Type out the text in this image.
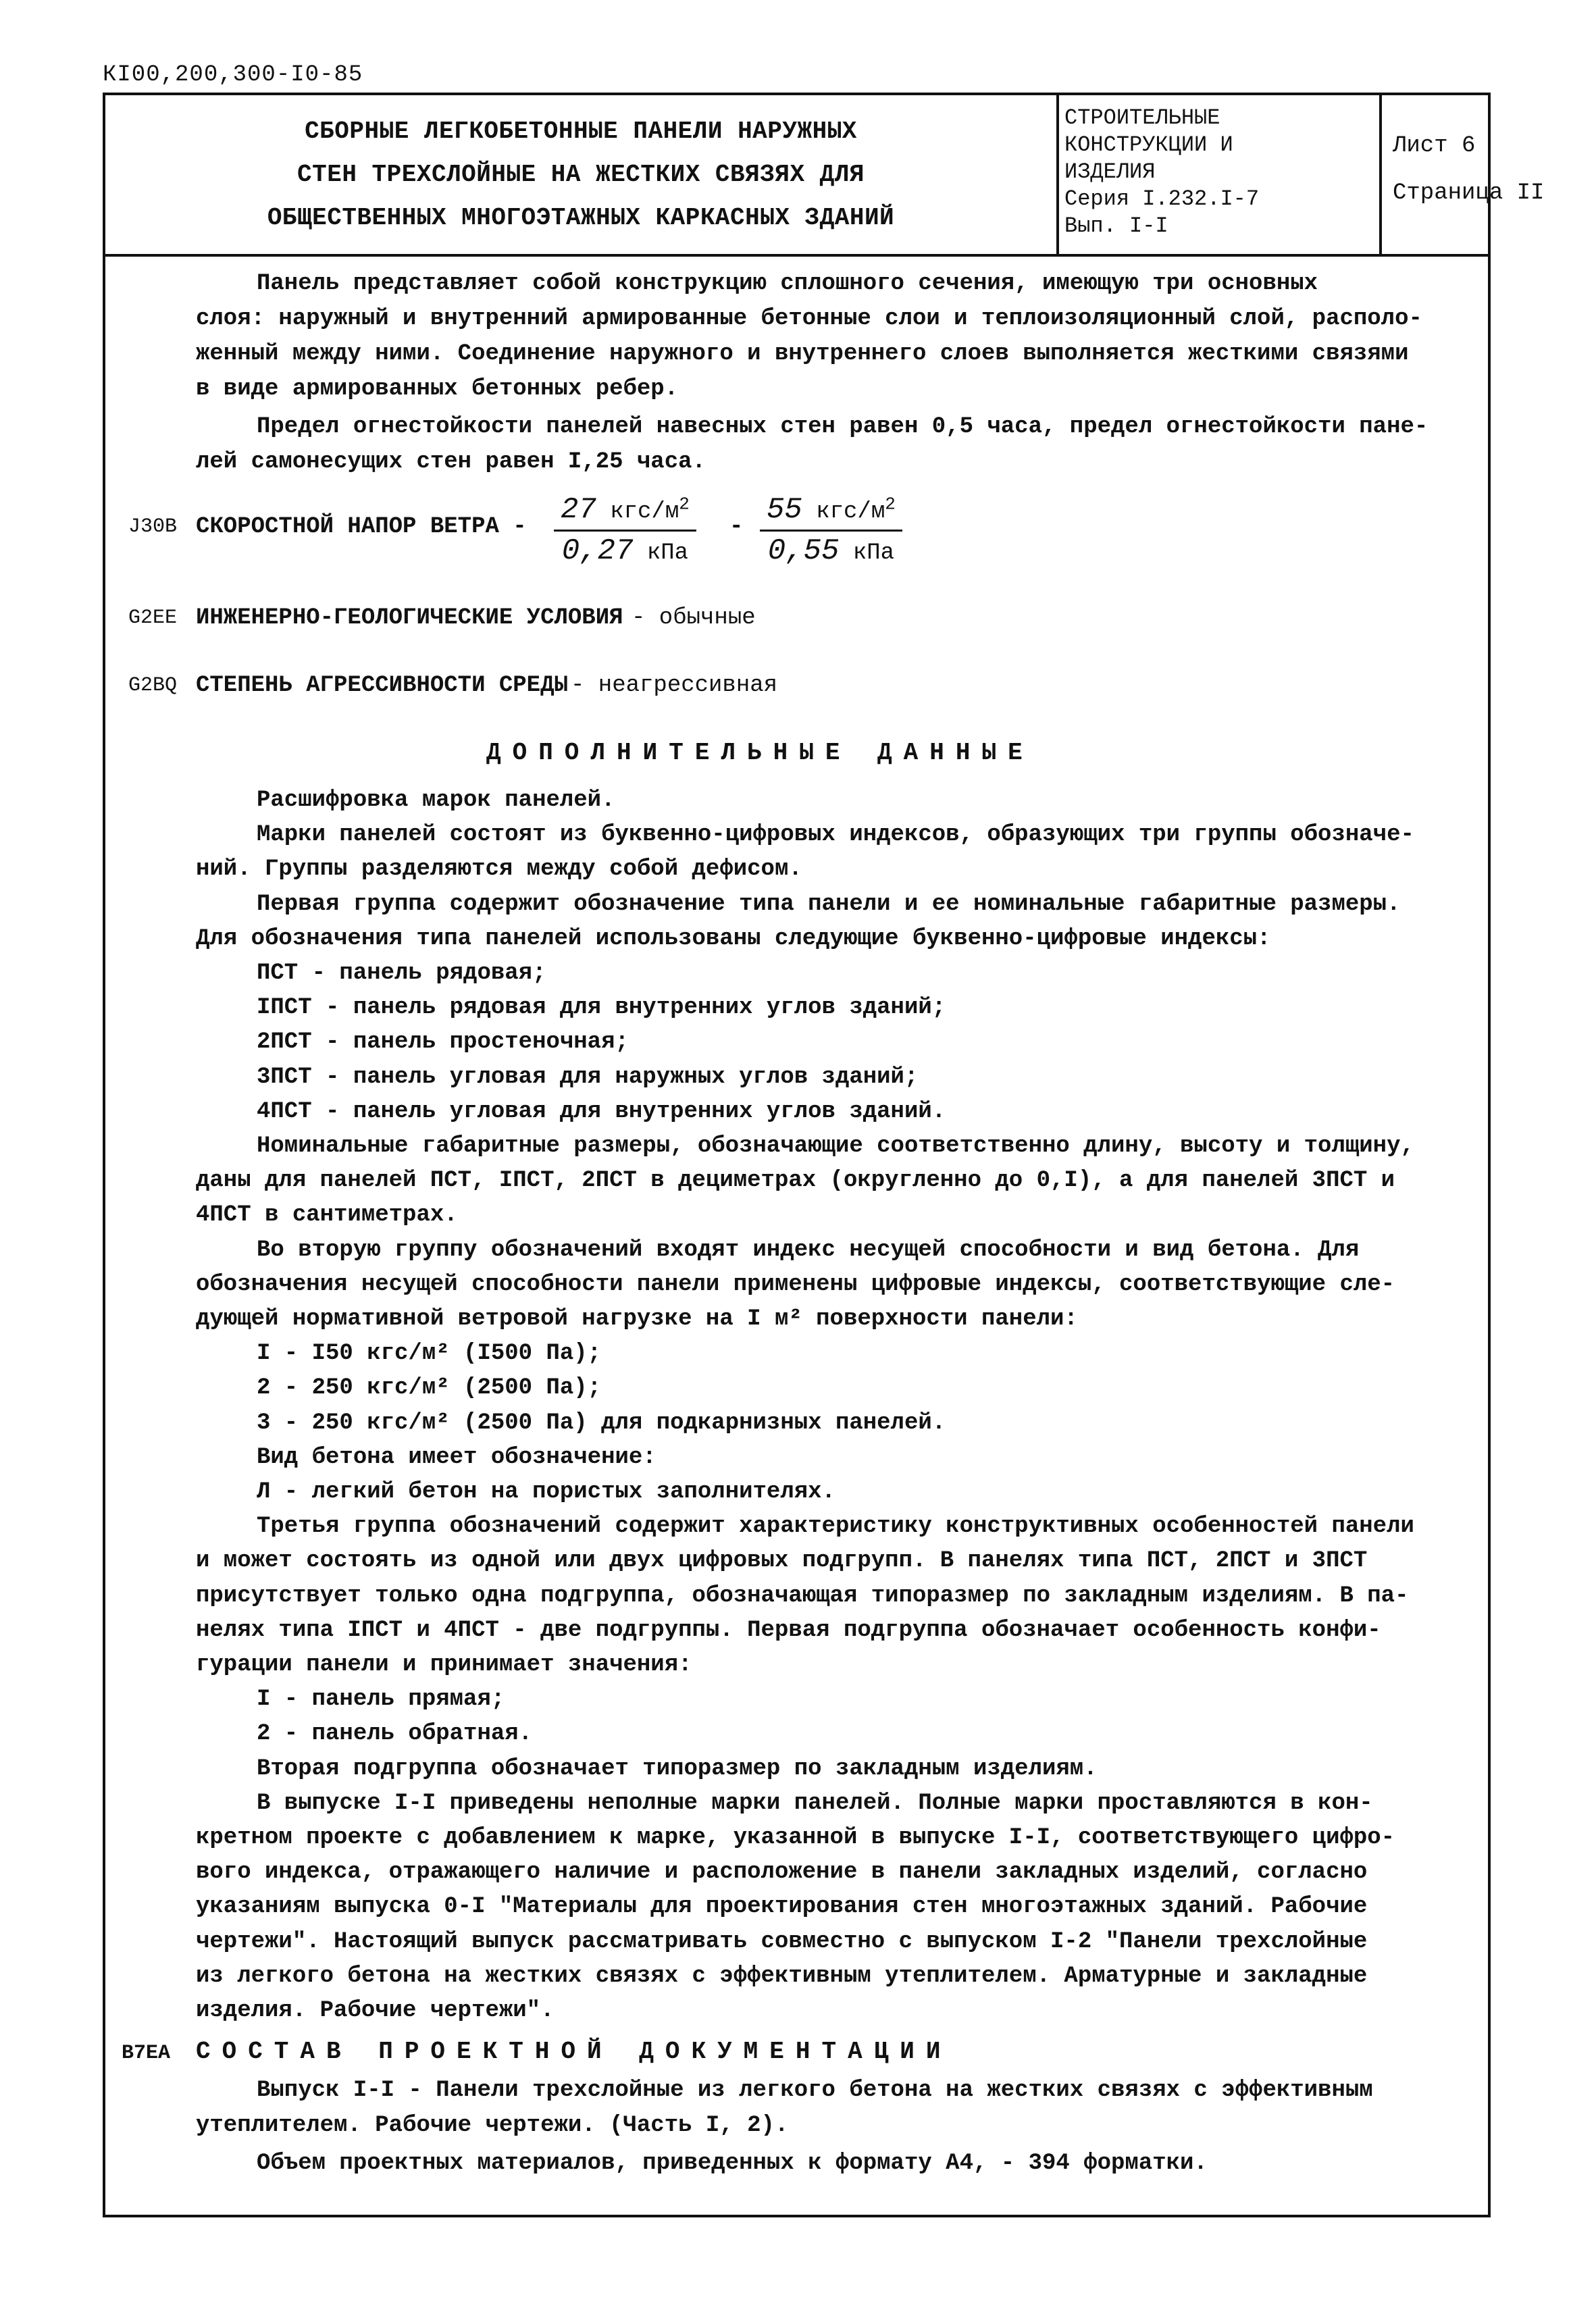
КI00,200,300-I0-85
СБОРНЫЕ ЛЕГКОБЕТОННЫЕ ПАНЕЛИ НАРУЖНЫХ
СТЕН ТРЕХСЛОЙНЫЕ НА ЖЕСТКИХ СВЯЗЯХ ДЛЯ
ОБЩЕСТВЕННЫХ МНОГОЭТАЖНЫХ КАРКАСНЫХ ЗДАНИЙ
СТРОИТЕЛЬНЫЕ
КОНСТРУКЦИИ И
ИЗДЕЛИЯ
Серия I.232.I-7
Вып. I-I
Лист 6
Страница II
Панель представляет собой конструкцию сплошного сечения, имеющую три основных
слоя: наружный и внутренний армированные бетонные слои и теплоизоляционный слой, располо-
женный между ними. Соединение наружного и внутреннего слоев выполняется жесткими связями
в виде армированных бетонных ребер.
Предел огнестойкости панелей навесных стен равен 0,5 часа, предел огнестойкости пане-
лей самонесущих стен равен I,25 часа.
J30B СКОРОСТНОЙ НАПОР ВЕТРА - 27 кгс/$м^2$
0,27 кПа
- 55 кгс/$м^2$
0,55 кПа
G2ЕЕ ИНЖЕНЕРНО-ГЕОЛОГИЧЕСКИЕ УСЛОВИЯ - обычные
G2BQ СТЕПЕНЬ АГРЕССИВНОСТИ СРЕДЫ - неагрессивная
ДОПОЛНИТЕЛЬНЫЕ ДАННЫЕ
Расшифровка марок панелей.
Марки панелей состоят из буквенно-цифровых индексов, образующих три группы обозначе-
ний. Группы разделяются между собой дефисом.
Первая группа содержит обозначение типа панели и ее номинальные габаритные размеры.
Для обозначения типа панелей использованы следующие буквенно-цифровые индексы:
ПСТ - панель рядовая;
IПСТ - панель рядовая для внутренних углов зданий;
2ПСТ - панель простеночная;
3ПСТ - панель угловая для наружных углов зданий;
4ПСТ - панель угловая для внутренних углов зданий.
Номинальные габаритные размеры, обозначающие соответственно длину, высоту и толщину,
даны для панелей ПСТ, IПСТ, 2ПСТ в дециметрах (округленно до 0,I), а для панелей 3ПСТ и
4ПСТ в сантиметрах.
Во вторую группу обозначений входят индекс несущей способности и вид бетона. Для
обозначения несущей способности панели применены цифровые индексы, соответствующие сле-
дующей нормативной ветровой нагрузке на I м² поверхности панели:
I - I50 кгс/м² (I500 Па);
2 - 250 кгс/м² (2500 Па);
3 - 250 кгс/м² (2500 Па) для подкарнизных панелей.
Вид бетона имеет обозначение:
Л - легкий бетон на пористых заполнителях.
Третья группа обозначений содержит характеристику конструктивных особенностей панели
и может состоять из одной или двух цифровых подгрупп. В панелях типа ПСТ, 2ПСТ и 3ПСТ
присутствует только одна подгруппа, обозначающая типоразмер по закладным изделиям. В па-
нелях типа IПСТ и 4ПСТ - две подгруппы. Первая подгруппа обозначает особенность конфи-
гурации панели и принимает значения:
I - панель прямая;
2 - панель обратная.
Вторая подгруппа обозначает типоразмер по закладным изделиям.
В выпуске I-I приведены неполные марки панелей. Полные марки проставляются в кон-
кретном проекте с добавлением к марке, указанной в выпуске I-I, соответствующего цифро-
вого индекса, отражающего наличие и расположение в панели закладных изделий, согласно
указаниям выпуска 0-I "Материалы для проектирования стен многоэтажных зданий. Рабочие
чертежи". Настоящий выпуск рассматривать совместно с выпуском I-2 "Панели трехслойные
из легкого бетона на жестких связях с эффективным утеплителем. Арматурные и закладные
изделия. Рабочие чертежи".
B7EA СОСТАВ ПРОЕКТНОЙ ДОКУМЕНТАЦИИ
Выпуск I-I - Панели трехслойные из легкого бетона на жестких связях с эффективным
утеплителем. Рабочие чертежи. (Часть I, 2).
Объем проектных материалов, приведенных к формату А4, - 394 форматки.
